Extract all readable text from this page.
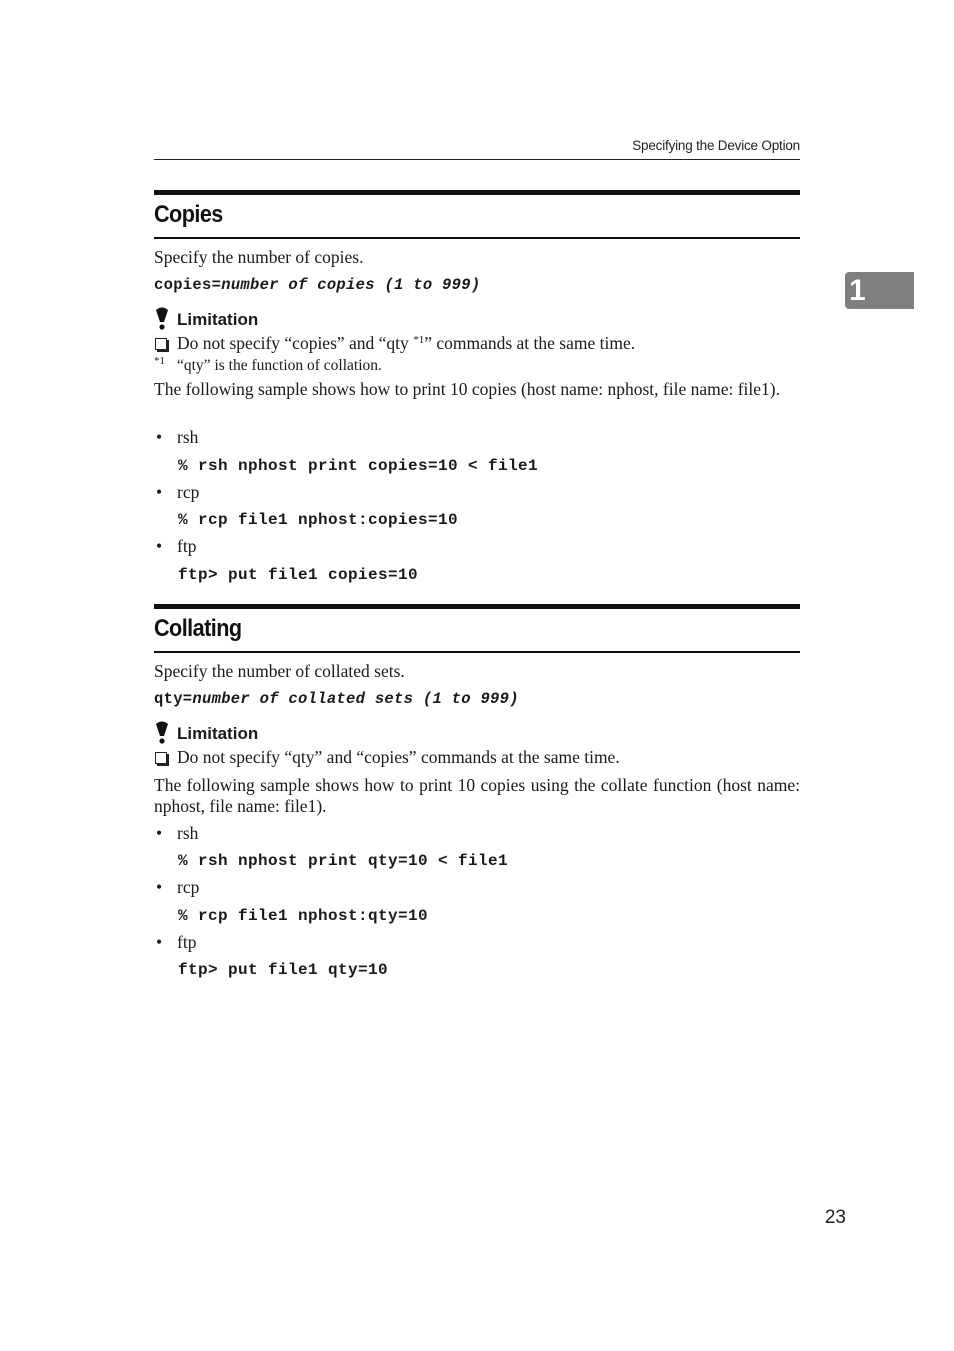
Specifying the Device Option
1
Copies
Specify the number of copies.
copies=number of copies (1 to 999)
Limitation
Do not specify “copies” and “qty $^{*1}$” commands at the same time.
*1 “qty” is the function of collation.
The following sample shows how to print 10 copies (host name: nphost, file name: file1).
• rsh
% rsh nphost print copies=10 < file1
• rcp
% rcp file1 nphost:copies=10
• ftp
ftp> put file1 copies=10
Collating
Specify the number of collated sets.
qty=number of collated sets (1 to 999)
Limitation
Do not specify “qty” and “copies” commands at the same time.
The following sample shows how to print 10 copies using the collate function (host name: nphost, file name: file1).
• rsh
% rsh nphost print qty=10 < file1
• rcp
% rcp file1 nphost:qty=10
• ftp
ftp> put file1 qty=10
23
